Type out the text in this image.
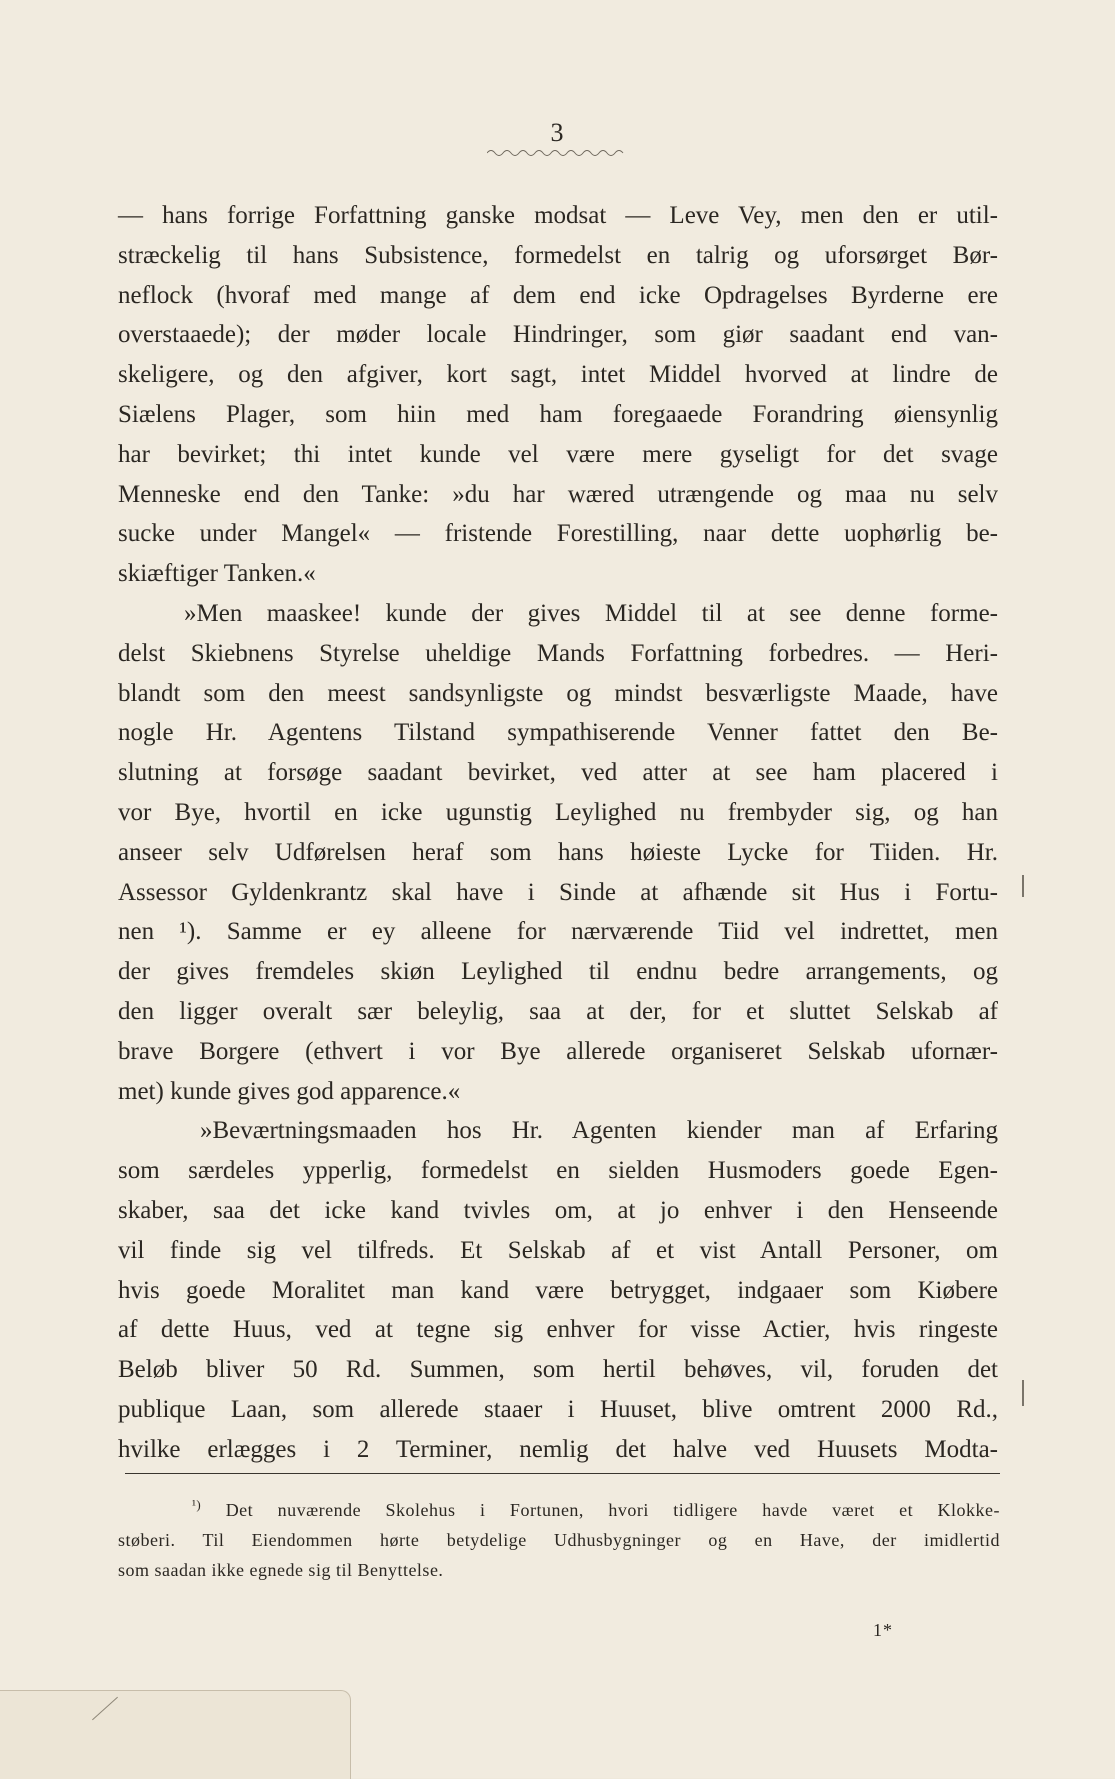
3

— hans forrige Forfattning ganske modsat — Leve Vey, men den er util-
stræckelig til hans Subsistence, formedelst en talrig og uforsørget Bør-
neflock (hvoraf med mange af dem end icke Opdragelses Byrderne ere
overstaaede); der møder locale Hindringer, som giør saadant end van-
skeligere, og den afgiver, kort sagt, intet Middel hvorved at lindre de
Siælens Plager, som hiin med ham foregaaede Forandring øiensynlig
har bevirket; thi intet kunde vel være mere gyseligt for det svage
Menneske end den Tanke: »du har wæred utrængende og maa nu selv
sucke under Mangel« — fristende Forestilling, naar dette uophørlig be-
skiæftiger Tanken.«

»Men maaskee! kunde der gives Middel til at see denne forme-
delst Skiebnens Styrelse uheldige Mands Forfattning forbedres. — Heri-
blandt som den meest sandsynligste og mindst besværligste Maade, have
nogle Hr. Agentens Tilstand sympathiserende Venner fattet den Be-
slutning at forsøge saadant bevirket, ved atter at see ham placered i
vor Bye, hvortil en icke ugunstig Leylighed nu frembyder sig, og han
anseer selv Udførelsen heraf som hans høieste Lycke for Tiiden. Hr.
Assessor Gyldenkrantz skal have i Sinde at afhænde sit Hus i Fortu-
nen ¹). Samme er ey alleene for nærværende Tiid vel indrettet, men
der gives fremdeles skiøn Leylighed til endnu bedre arrangements, og
den ligger overalt sær beleylig, saa at der, for et sluttet Selskab af
brave Borgere (ethvert i vor Bye allerede organiseret Selskab ufornær-
met) kunde gives god apparence.«

»Beværtningsmaaden hos Hr. Agenten kiender man af Erfaring
som særdeles ypperlig, formedelst en sielden Husmoders goede Egen-
skaber, saa det icke kand tvivles om, at jo enhver i den Henseende
vil finde sig vel tilfreds. Et Selskab af et vist Antall Personer, om
hvis goede Moralitet man kand være betrygget, indgaaer som Kiøbere
af dette Huus, ved at tegne sig enhver for visse Actier, hvis ringeste
Beløb bliver 50 Rd. Summen, som hertil behøves, vil, foruden det
publique Laan, som allerede staaer i Huuset, blive omtrent 2000 Rd.,
hvilke erlægges i 2 Terminer, nemlig det halve ved Huusets Modta-

$^{^1)}$ Det nuværende Skolehus i Fortunen, hvori tidligere havde været et Klokke-
støberi. Til Eiendommen hørte betydelige Udhusbygninger og en Have, der imidlertid
som saadan ikke egnede sig til Benyttelse.
1*
